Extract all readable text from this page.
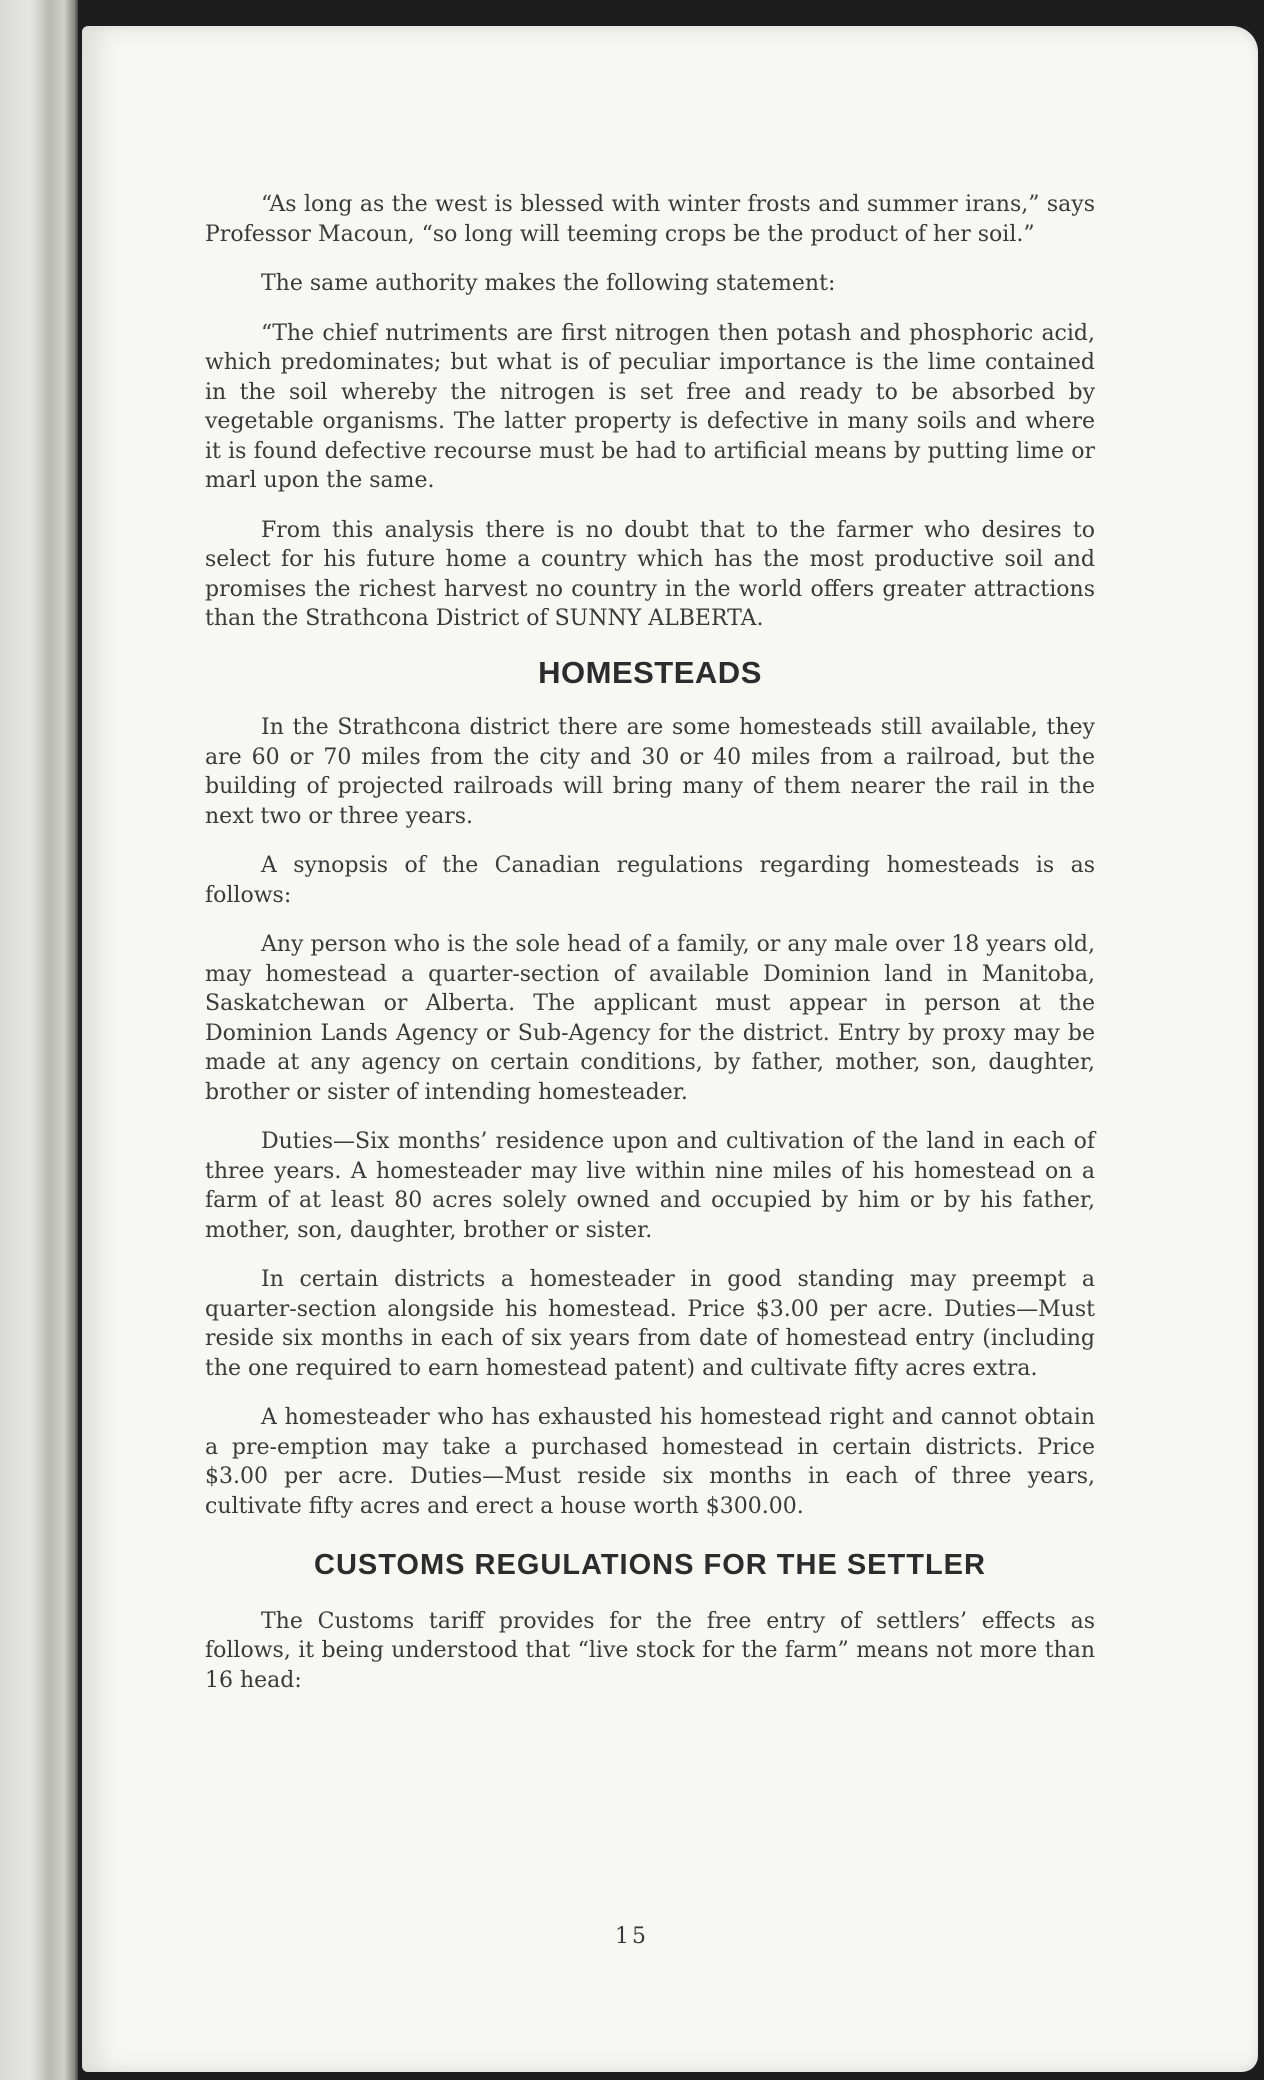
“As long as the west is blessed with winter frosts and summer irans,” says Professor Macoun, “so long will teeming crops be the product of her soil.”

The same authority makes the following statement:

“The chief nutriments are first nitrogen then potash and phosphoric acid, which predominates; but what is of peculiar importance is the lime contained in the soil whereby the nitrogen is set free and ready to be absorbed by vegetable organisms. The latter property is defective in many soils and where it is found defective recourse must be had to artificial means by putting lime or marl upon the same.

From this analysis there is no doubt that to the farmer who desires to select for his future home a country which has the most productive soil and promises the richest harvest no country in the world offers greater attractions than the Strathcona District of SUNNY ALBERTA.

HOMESTEADS

In the Strathcona district there are some homesteads still available, they are 60 or 70 miles from the city and 30 or 40 miles from a railroad, but the building of projected railroads will bring many of them nearer the rail in the next two or three years.

A synopsis of the Canadian regulations regarding homesteads is as follows:

Any person who is the sole head of a family, or any male over 18 years old, may homestead a quarter-section of available Dominion land in Manitoba, Saskatchewan or Alberta. The applicant must appear in person at the Dominion Lands Agency or Sub-Agency for the district. Entry by proxy may be made at any agency on certain conditions, by father, mother, son, daughter, brother or sister of intending homesteader.

Duties—Six months’ residence upon and cultivation of the land in each of three years. A homesteader may live within nine miles of his homestead on a farm of at least 80 acres solely owned and occupied by him or by his father, mother, son, daughter, brother or sister.

In certain districts a homesteader in good standing may preempt a quarter-section alongside his homestead. Price $3.00 per acre. Duties—Must reside six months in each of six years from date of homestead entry (including the one required to earn homestead patent) and cultivate fifty acres extra.

A homesteader who has exhausted his homestead right and cannot obtain a pre-emption may take a purchased homestead in certain districts. Price $3.00 per acre. Duties—Must reside six months in each of three years, cultivate fifty acres and erect a house worth $300.00.

CUSTOMS REGULATIONS FOR THE SETTLER

The Customs tariff provides for the free entry of settlers’ effects as follows, it being understood that “live stock for the farm” means not more than 16 head:

15
